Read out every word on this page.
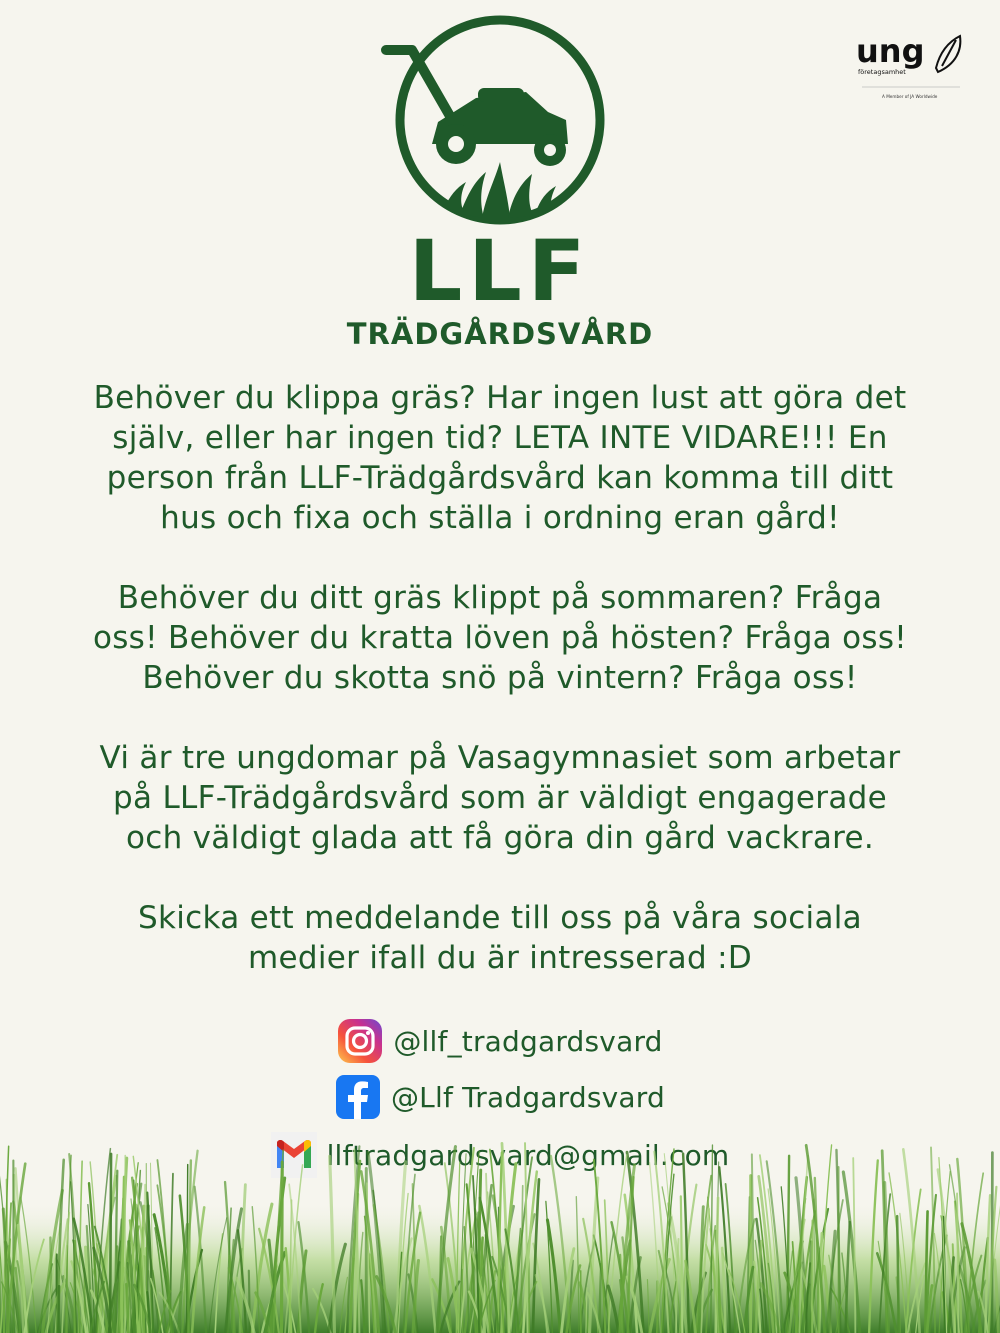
LLF
TRÄDGÅRDSVÅRD
ung
företagsamhet
A Member of JA Worldwide

Behöver du klippa gräs? Har ingen lust att göra det
själv, eller har ingen tid? LETA INTE VIDARE!!! En
person från LLF-Trädgårdsvård kan komma till ditt
hus och fixa och ställa i ordning eran gård!

Behöver du ditt gräs klippt på sommaren? Fråga
oss! Behöver du kratta löven på hösten? Fråga oss!
Behöver du skotta snö på vintern? Fråga oss!

Vi är tre ungdomar på Vasagymnasiet som arbetar
på LLF-Trädgårdsvård som är väldigt engagerade
och väldigt glada att få göra din gård vackrare.

Skicka ett meddelande till oss på våra sociala
medier ifall du är intresserad :D

@llf_tradgardsvard
@Llf Tradgardsvard
llftradgardsvard@gmail.com
